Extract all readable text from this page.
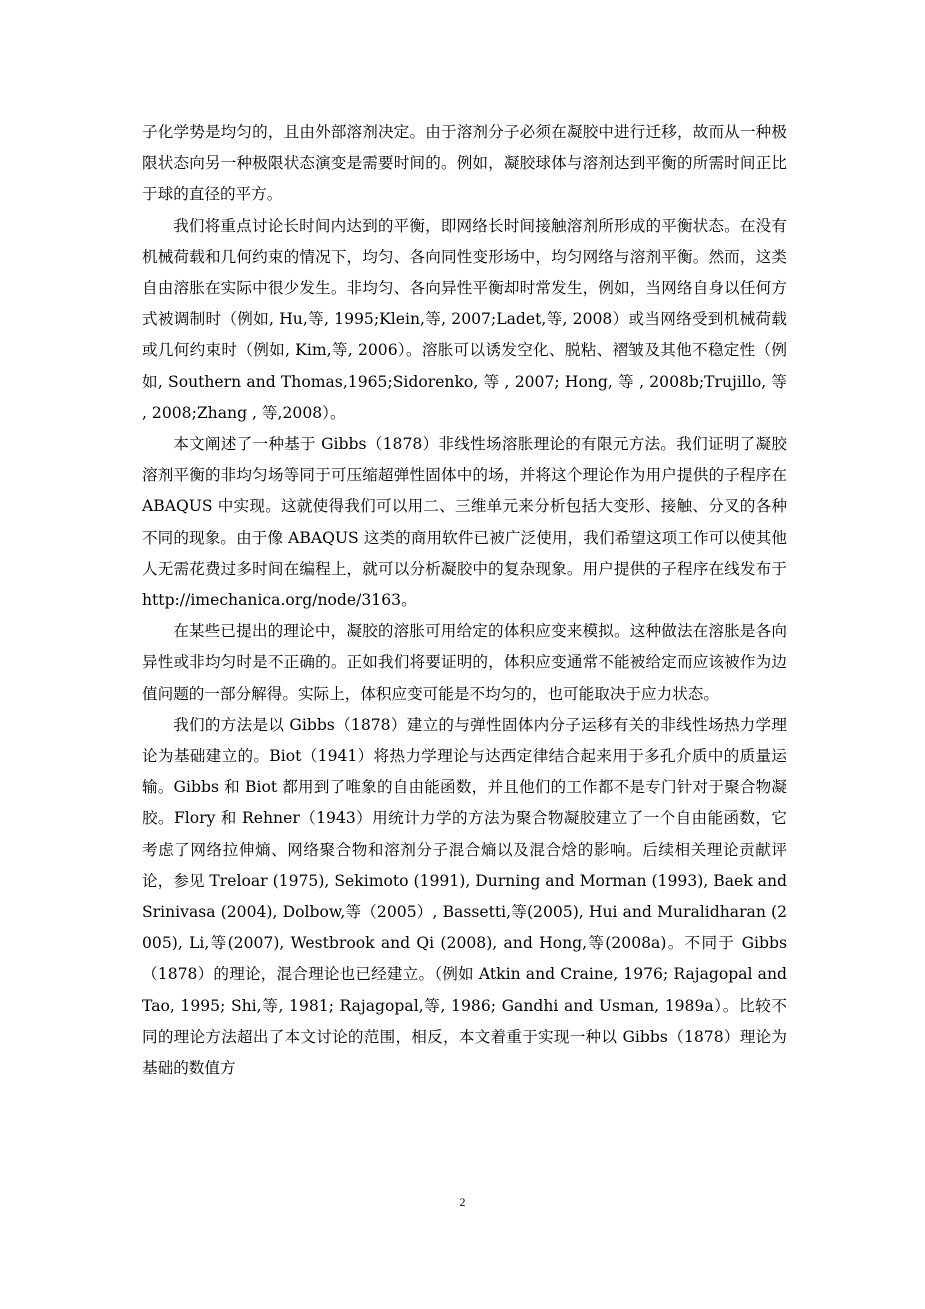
子化学势是均匀的，且由外部溶剂决定。由于溶剂分子必须在凝胶中进行迁移，故而从一种极限状态向另一种极限状态演变是需要时间的。例如，凝胶球体与溶剂达到平衡的所需时间正比于球的直径的平方。

我们将重点讨论长时间内达到的平衡，即网络长时间接触溶剂所形成的平衡状态。在没有机械荷载和几何约束的情况下，均匀、各向同性变形场中，均匀网络与溶剂平衡。然而，这类自由溶胀在实际中很少发生。非均匀、各向异性平衡却时常发生，例如，当网络自身以任何方式被调制时（例如, Hu,等, 1995;Klein,等, 2007;Ladet,等, 2008）或当网络受到机械荷载或几何约束时（例如, Kim,等, 2006）。溶胀可以诱发空化、脱粘、褶皱及其他不稳定性（例如, Southern and Thomas,1965;Sidorenko, 等 , 2007; Hong, 等 , 2008b;Trujillo, 等 , 2008;Zhang , 等,2008）。

本文阐述了一种基于 Gibbs（1878）非线性场溶胀理论的有限元方法。我们证明了凝胶溶剂平衡的非均匀场等同于可压缩超弹性固体中的场，并将这个理论作为用户提供的子程序在 ABAQUS 中实现。这就使得我们可以用二、三维单元来分析包括大变形、接触、分叉的各种不同的现象。由于像 ABAQUS 这类的商用软件已被广泛使用，我们希望这项工作可以使其他人无需花费过多时间在编程上，就可以分析凝胶中的复杂现象。用户提供的子程序在线发布于 http://imechanica.org/node/3163。

在某些已提出的理论中，凝胶的溶胀可用给定的体积应变来模拟。这种做法在溶胀是各向异性或非均匀时是不正确的。正如我们将要证明的，体积应变通常不能被给定而应该被作为边值问题的一部分解得。实际上，体积应变可能是不均匀的，也可能取决于应力状态。

我们的方法是以 Gibbs（1878）建立的与弹性固体内分子运移有关的非线性场热力学理论为基础建立的。Biot（1941）将热力学理论与达西定律结合起来用于多孔介质中的质量运输。Gibbs 和 Biot 都用到了唯象的自由能函数，并且他们的工作都不是专门针对于聚合物凝胶。Flory 和 Rehner（1943）用统计力学的方法为聚合物凝胶建立了一个自由能函数，它考虑了网络拉伸熵、网络聚合物和溶剂分子混合熵以及混合焓的影响。后续相关理论贡献评论，参见 Treloar (1975), Sekimoto (1991), Durning and Morman (1993), Baek and Srinivasa (2004), Dolbow,等（2005）, Bassetti,等(2005), Hui and Muralidharan (2005), Li,等(2007), Westbrook and Qi (2008), and Hong,等(2008a)。不同于 Gibbs（1878）的理论，混合理论也已经建立。（例如 Atkin and Craine, 1976; Rajagopal and Tao, 1995; Shi,等, 1981; Rajagopal,等, 1986; Gandhi and Usman, 1989a）。比较不同的理论方法超出了本文讨论的范围，相反，本文着重于实现一种以 Gibbs（1878）理论为基础的数值方

2
